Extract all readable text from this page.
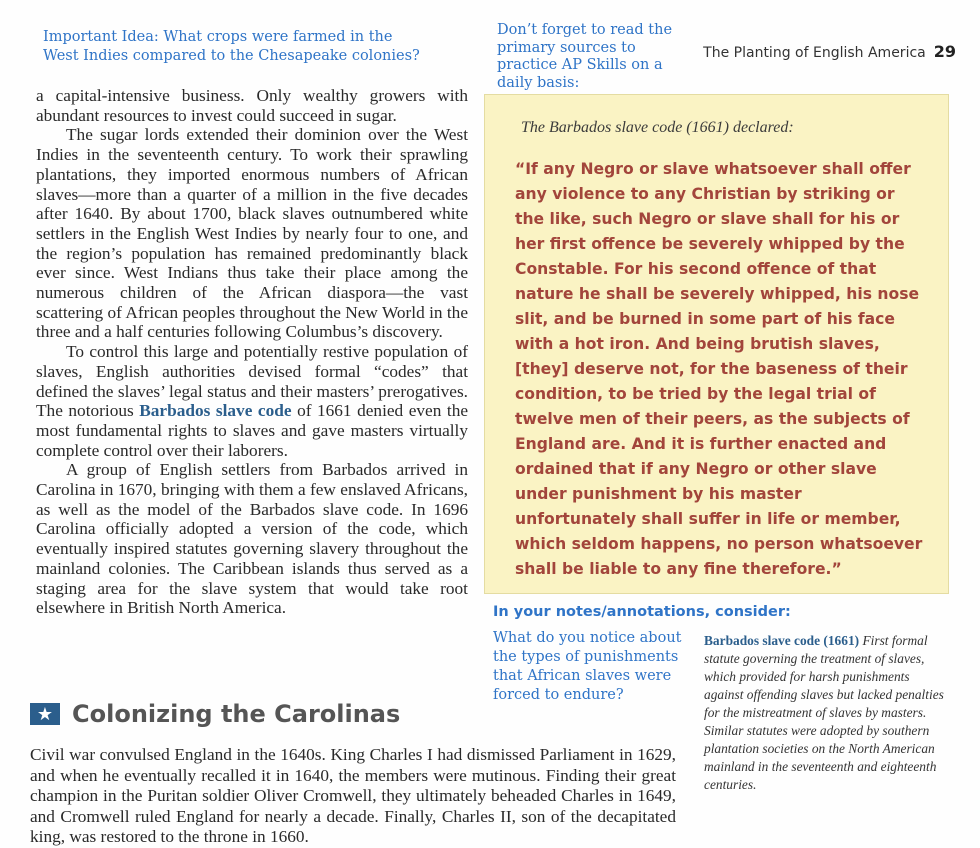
Important Idea: What crops were farmed in the West Indies compared to the Chesapeake colonies?
Don’t forget to read the primary sources to practice AP Skills on a daily basis:
The Planting of English America 29

a capital-intensive business. Only wealthy growers with abundant resources to invest could succeed in sugar.

The sugar lords extended their dominion over the West Indies in the seventeenth century. To work their sprawling plantations, they imported enormous numbers of African slaves—more than a quarter of a million in the five decades after 1640. By about 1700, black slaves outnumbered white settlers in the English West Indies by nearly four to one, and the region’s population has remained predominantly black ever since. West Indians thus take their place among the numerous children of the African diaspora—the vast scattering of African peoples throughout the New World in the three and a half centuries following Columbus’s discovery.

To control this large and potentially restive population of slaves, English authorities devised formal “codes” that defined the slaves’ legal status and their masters’ prerogatives. The notorious Barbados slave code of 1661 denied even the most fundamental rights to slaves and gave masters virtually complete control over their laborers.

A group of English settlers from Barbados arrived in Carolina in 1670, bringing with them a few enslaved Africans, as well as the model of the Barbados slave code. In 1696 Carolina officially adopted a version of the code, which eventually inspired statutes governing slavery throughout the mainland colonies. The Caribbean islands thus served as a staging area for the slave system that would take root elsewhere in British North America.

The Barbados slave code (1661) declared:

“If any Negro or slave whatsoever shall offer any violence to any Christian by striking or the like, such Negro or slave shall for his or her first offence be severely whipped by the Constable. For his second offence of that nature he shall be severely whipped, his nose slit, and be burned in some part of his face with a hot iron. And being brutish slaves, [they] deserve not, for the baseness of their condition, to be tried by the legal trial of twelve men of their peers, as the subjects of England are. And it is further enacted and ordained that if any Negro or other slave under punishment by his master unfortunately shall suffer in life or member, which seldom happens, no person whatsoever shall be liable to any fine therefore.”

In your notes/annotations, consider:
What do you notice about the types of punishments that African slaves were forced to endure?
Barbados slave code (1661) First formal statute governing the treatment of slaves, which provided for harsh punishments against offending slaves but lacked penalties for the mistreatment of slaves by masters. Similar statutes were adopted by southern plantation societies on the North American mainland in the seventeenth and eighteenth centuries.
★ Colonizing the Carolinas

Civil war convulsed England in the 1640s. King Charles I had dismissed Parliament in 1629, and when he eventually recalled it in 1640, the members were mutinous. Finding their great champion in the Puritan soldier Oliver Cromwell, they ultimately beheaded Charles in 1649, and Cromwell ruled England for nearly a decade. Finally, Charles II, son of the decapitated king, was restored to the throne in 1660.
